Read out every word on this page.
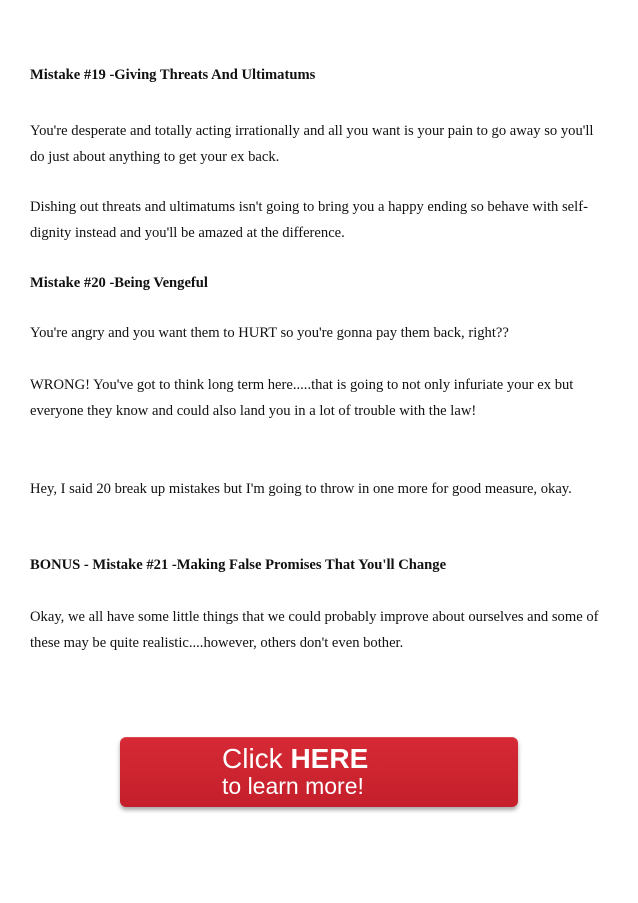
Mistake #19 -Giving Threats And Ultimatums

You're desperate and totally acting irrationally and all you want is your pain to go away so you'll do just about anything to get your ex back.

Dishing out threats and ultimatums isn't going to bring you a happy ending so behave with self-dignity instead and you'll be amazed at the difference.

Mistake #20 -Being Vengeful

You're angry and you want them to HURT so you're gonna pay them back, right??

WRONG! You've got to think long term here.....that is going to not only infuriate your ex but everyone they know and could also land you in a lot of trouble with the law!

Hey, I said 20 break up mistakes but I'm going to throw in one more for good measure, okay.

BONUS - Mistake #21 -Making False Promises That You'll Change

Okay, we all have some little things that we could probably improve about ourselves and some of these may be quite realistic....however, others don't even bother.

Click HERE
to learn more!
